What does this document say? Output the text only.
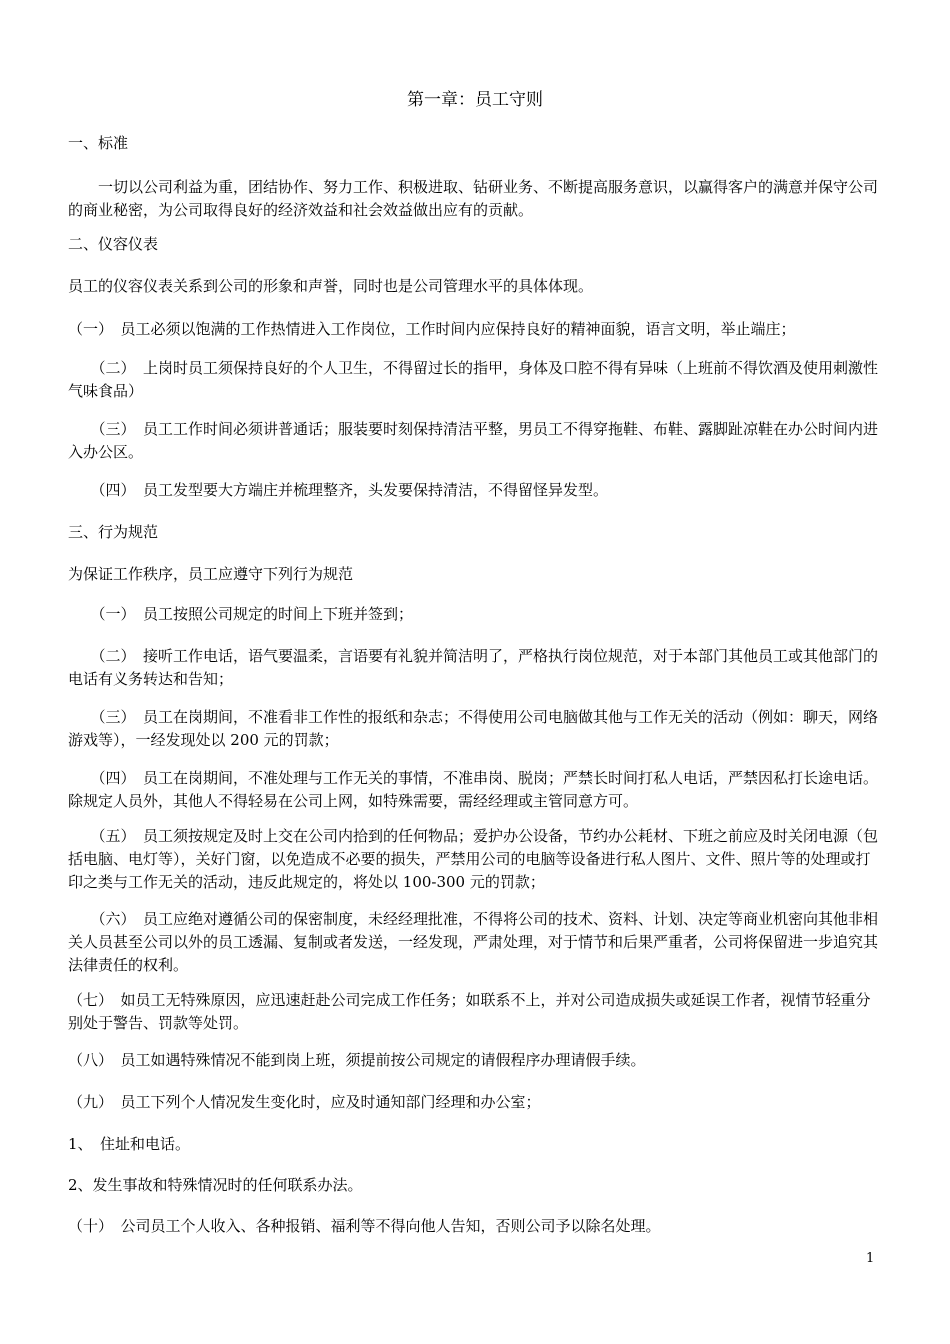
第一章：员工守则
一、标准
　　一切以公司利益为重，团结协作、努力工作、积极进取、钻研业务、不断提高服务意识，以赢得客户的满意并保守公司的商业秘密，为公司取得良好的经济效益和社会效益做出应有的贡献。
二、仪容仪表
员工的仪容仪表关系到公司的形象和声誉，同时也是公司管理水平的具体体现。
（一）　员工必须以饱满的工作热情进入工作岗位，工作时间内应保持良好的精神面貌，语言文明，举止端庄；
　　（二）　上岗时员工须保持良好的个人卫生，不得留过长的指甲，身体及口腔不得有异味（上班前不得饮酒及使用刺激性气味食品）
　　（三）　员工工作时间必须讲普通话；服装要时刻保持清洁平整，男员工不得穿拖鞋、布鞋、露脚趾凉鞋在办公时间内进入办公区。
　　（四）　员工发型要大方端庄并梳理整齐，头发要保持清洁，不得留怪异发型。
三、行为规范
为保证工作秩序，员工应遵守下列行为规范
　　（一）　员工按照公司规定的时间上下班并签到；
　　（二）　接听工作电话，语气要温柔，言语要有礼貌并简洁明了，严格执行岗位规范，对于本部门其他员工或其他部门的电话有义务转达和告知；
　　（三）　员工在岗期间，不准看非工作性的报纸和杂志；不得使用公司电脑做其他与工作无关的活动（例如：聊天，网络游戏等），一经发现处以 200 元的罚款；
　　（四）　员工在岗期间，不准处理与工作无关的事情，不准串岗、脱岗；严禁长时间打私人电话，严禁因私打长途电话。除规定人员外，其他人不得轻易在公司上网，如特殊需要，需经经理或主管同意方可。
　　（五）　员工须按规定及时上交在公司内拾到的任何物品；爱护办公设备，节约办公耗材、下班之前应及时关闭电源（包括电脑、电灯等），关好门窗，以免造成不必要的损失，严禁用公司的电脑等设备进行私人图片、文件、照片等的处理或打印之类与工作无关的活动，违反此规定的，将处以 100-300 元的罚款；
　　（六）　员工应绝对遵循公司的保密制度，未经经理批准，不得将公司的技术、资料、计划、决定等商业机密向其他非相关人员甚至公司以外的员工透漏、复制或者发送，一经发现，严肃处理，对于情节和后果严重者，公司将保留进一步追究其法律责任的权利。
（七）　如员工无特殊原因，应迅速赶赴公司完成工作任务；如联系不上，并对公司造成损失或延误工作者，视情节轻重分别处于警告、罚款等处罚。
（八）　员工如遇特殊情况不能到岗上班，须提前按公司规定的请假程序办理请假手续。
（九）　员工下列个人情况发生变化时，应及时通知部门经理和办公室；
1、　住址和电话。
2、发生事故和特殊情况时的任何联系办法。
（十）　公司员工个人收入、各种报销、福利等不得向他人告知，否则公司予以除名处理。
1
